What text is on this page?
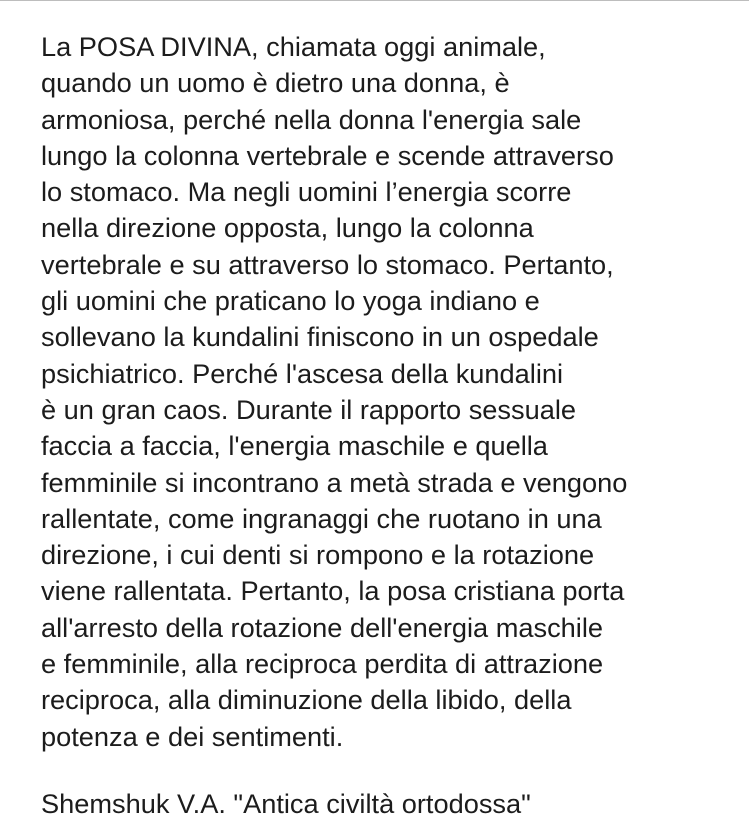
La POSA DIVINA, chiamata oggi animale,
quando un uomo è dietro una donna, è
armoniosa, perché nella donna l'energia sale
lungo la colonna vertebrale e scende attraverso
lo stomaco. Ma negli uomini l’energia scorre
nella direzione opposta, lungo la colonna
vertebrale e su attraverso lo stomaco. Pertanto,
gli uomini che praticano lo yoga indiano e
sollevano la kundalini finiscono in un ospedale
psichiatrico. Perché l'ascesa della kundalini
è un gran caos. Durante il rapporto sessuale
faccia a faccia, l'energia maschile e quella
femminile si incontrano a metà strada e vengono
rallentate, come ingranaggi che ruotano in una
direzione, i cui denti si rompono e la rotazione
viene rallentata. Pertanto, la posa cristiana porta
all'arresto della rotazione dell'energia maschile
e femminile, alla reciproca perdita di attrazione
reciproca, alla diminuzione della libido, della
potenza e dei sentimenti.
Shemshuk V.A. "Antica civiltà ortodossa"
